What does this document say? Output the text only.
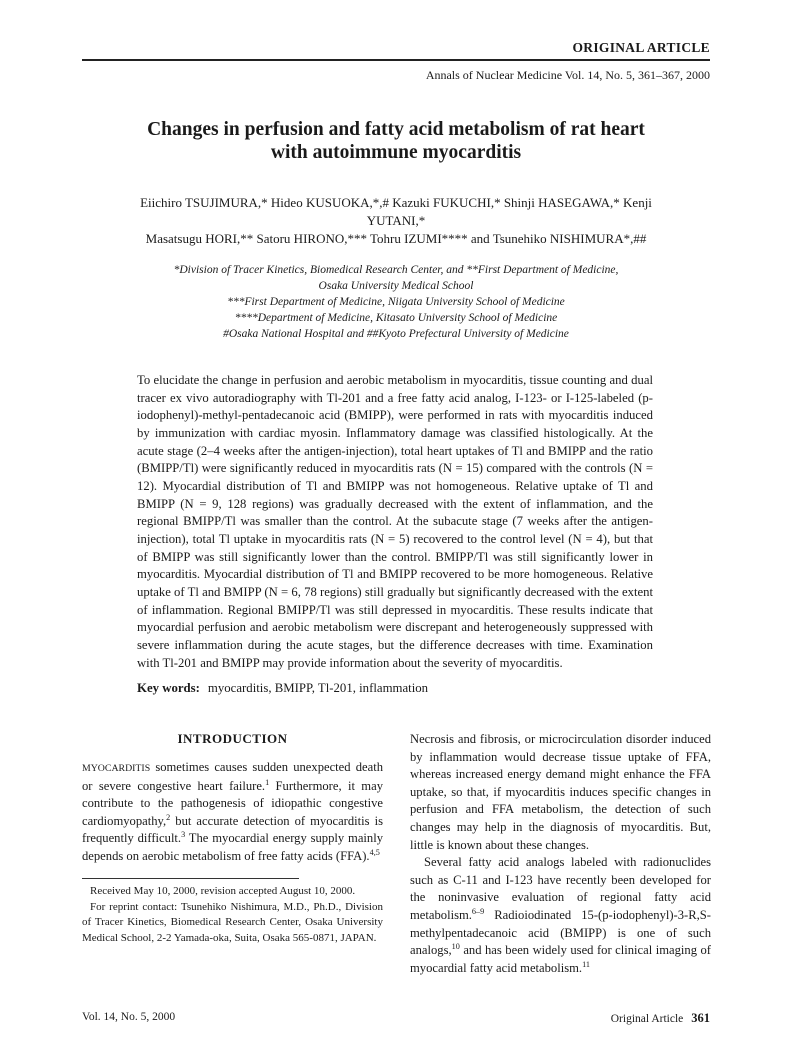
ORIGINAL ARTICLE
Annals of Nuclear Medicine Vol. 14, No. 5, 361–367, 2000
Changes in perfusion and fatty acid metabolism of rat heart
with autoimmune myocarditis
Eiichiro TSUJIMURA,* Hideo KUSUOKA,*,# Kazuki FUKUCHI,* Shinji HASEGAWA,* Kenji YUTANI,*
Masatsugu HORI,** Satoru HIRONO,*** Tohru IZUMI**** and Tsunehiko NISHIMURA*,##
*Division of Tracer Kinetics, Biomedical Research Center, and **First Department of Medicine,
Osaka University Medical School
***First Department of Medicine, Niigata University School of Medicine
****Department of Medicine, Kitasato University School of Medicine
#Osaka National Hospital and ##Kyoto Prefectural University of Medicine
To elucidate the change in perfusion and aerobic metabolism in myocarditis, tissue counting and dual tracer ex vivo autoradiography with Tl-201 and a free fatty acid analog, I-123- or I-125-labeled (p-iodophenyl)-methyl-pentadecanoic acid (BMIPP), were performed in rats with myocarditis induced by immunization with cardiac myosin. Inflammatory damage was classified histologically. At the acute stage (2–4 weeks after the antigen-injection), total heart uptakes of Tl and BMIPP and the ratio (BMIPP/Tl) were significantly reduced in myocarditis rats (N = 15) compared with the controls (N = 12). Myocardial distribution of Tl and BMIPP was not homogeneous. Relative uptake of Tl and BMIPP (N = 9, 128 regions) was gradually decreased with the extent of inflammation, and the regional BMIPP/Tl was smaller than the control. At the subacute stage (7 weeks after the antigen-injection), total Tl uptake in myocarditis rats (N = 5) recovered to the control level (N = 4), but that of BMIPP was still significantly lower than the control. BMIPP/Tl was still significantly lower in myocarditis. Myocardial distribution of Tl and BMIPP recovered to be more homogeneous. Relative uptake of Tl and BMIPP (N = 6, 78 regions) still gradually but significantly decreased with the extent of inflammation. Regional BMIPP/Tl was still depressed in myocarditis. These results indicate that myocardial perfusion and aerobic metabolism were discrepant and heterogeneously suppressed with severe inflammation during the acute stages, but the difference decreases with time. Examination with Tl-201 and BMIPP may provide information about the severity of myocarditis.
Key words: myocarditis, BMIPP, Tl-201, inflammation
INTRODUCTION

MYOCARDITIS sometimes causes sudden unexpected death or severe congestive heart failure.$^1$ Furthermore, it may contribute to the pathogenesis of idiopathic congestive cardiomyopathy,$^2$ but accurate detection of myocarditis is frequently difficult.$^3$ The myocardial energy supply mainly depends on aerobic metabolism of free fatty acids (FFA).$^{4,5}$

Received May 10, 2000, revision accepted August 10, 2000.

For reprint contact: Tsunehiko Nishimura, M.D., Ph.D., Division of Tracer Kinetics, Biomedical Research Center, Osaka University Medical School, 2-2 Yamada-oka, Suita, Osaka 565-0871, JAPAN.

Necrosis and fibrosis, or microcirculation disorder induced by inflammation would decrease tissue uptake of FFA, whereas increased energy demand might enhance the FFA uptake, so that, if myocarditis induces specific changes in perfusion and FFA metabolism, the detection of such changes may help in the diagnosis of myocarditis. But, little is known about these changes.

Several fatty acid analogs labeled with radionuclides such as C-11 and I-123 have recently been developed for the noninvasive evaluation of regional fatty acid metabolism.$^{6-9}$ Radioiodinated 15-(p-iodophenyl)-3-R,S-methylpentadecanoic acid (BMIPP) is one of such analogs,$^{10}$ and has been widely used for clinical imaging of myocardial fatty acid metabolism.$^{11}$

Vol. 14, No. 5, 2000	Original Article 361
